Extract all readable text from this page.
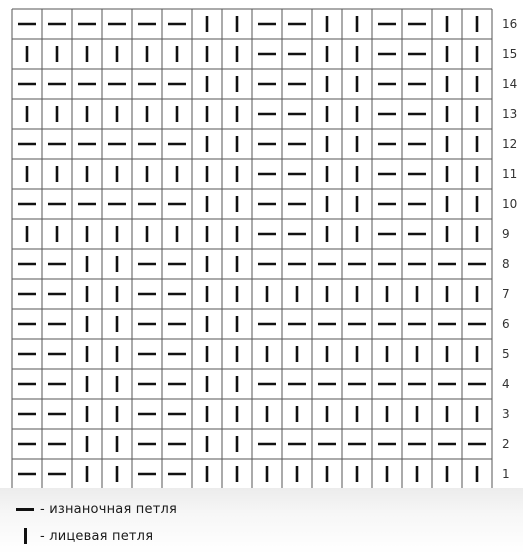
16
15
14
13
12
11
10
9
8
7
6
5
4
3
2
1
- изнаночная петля
- лицевая петля
